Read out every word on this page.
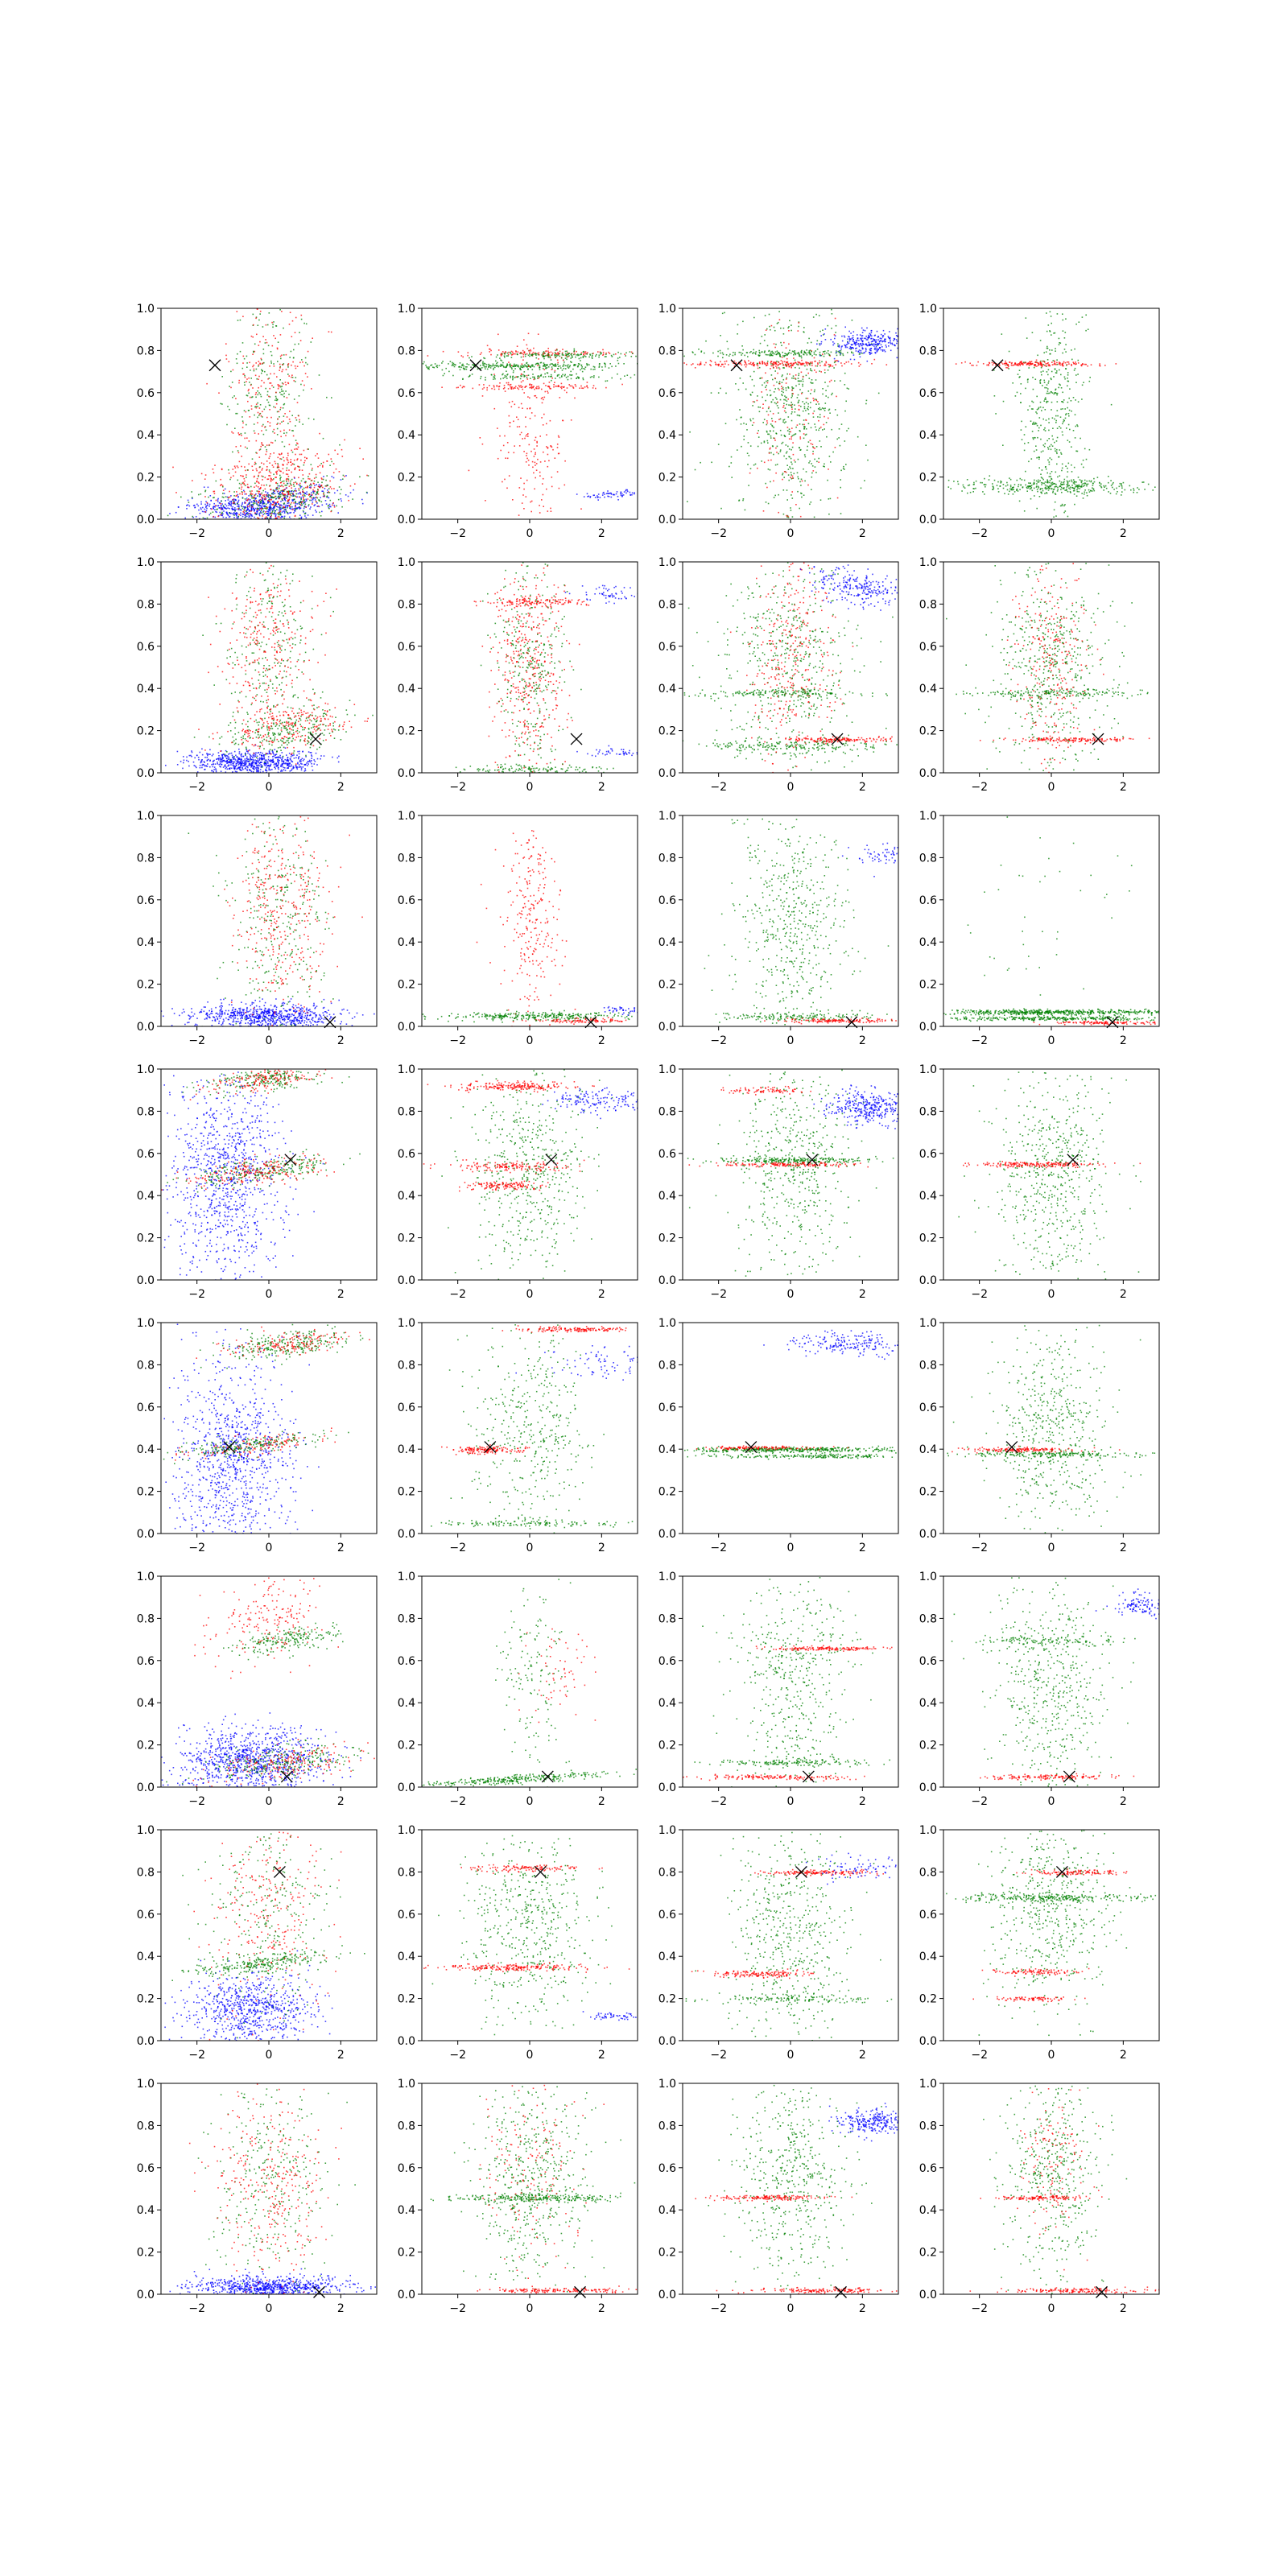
−2	0	2
0.0
0.2
0.4
0.6
0.8
1.0
−2	0	2
0.0
0.2
0.4
0.6
0.8
1.0
−2	0	2
0.0
0.2
0.4
0.6
0.8
1.0
−2	0	2
0.0
0.2
0.4
0.6
0.8
1.0
−2	0	2
0.0
0.2
0.4
0.6
0.8
1.0
−2	0	2
0.0
0.2
0.4
0.6
0.8
1.0
−2	0	2
0.0
0.2
0.4
0.6
0.8
1.0
−2	0	2
0.0
0.2
0.4
0.6
0.8
1.0
−2	0	2
0.0
0.2
0.4
0.6
0.8
1.0
−2	0	2
0.0
0.2
0.4
0.6
0.8
1.0
−2	0	2
0.0
0.2
0.4
0.6
0.8
1.0
−2	0	2
0.0
0.2
0.4
0.6
0.8
1.0
−2	0	2
0.0
0.2
0.4
0.6
0.8
1.0
−2	0	2
0.0
0.2
0.4
0.6
0.8
1.0
−2	0	2
0.0
0.2
0.4
0.6
0.8
1.0
−2	0	2
0.0
0.2
0.4
0.6
0.8
1.0
−2	0	2
0.0
0.2
0.4
0.6
0.8
1.0
−2	0	2
0.0
0.2
0.4
0.6
0.8
1.0
−2	0	2
0.0
0.2
0.4
0.6
0.8
1.0
−2	0	2
0.0
0.2
0.4
0.6
0.8
1.0
−2	0	2
0.0
0.2
0.4
0.6
0.8
1.0
−2	0	2
0.0
0.2
0.4
0.6
0.8
1.0
−2	0	2
0.0
0.2
0.4
0.6
0.8
1.0
−2	0	2
0.0
0.2
0.4
0.6
0.8
1.0
−2	0	2
0.0
0.2
0.4
0.6
0.8
1.0
−2	0	2
0.0
0.2
0.4
0.6
0.8
1.0
−2	0	2
0.0
0.2
0.4
0.6
0.8
1.0
−2	0	2
0.0
0.2
0.4
0.6
0.8
1.0
−2	0	2
0.0
0.2
0.4
0.6
0.8
1.0
−2	0	2
0.0
0.2
0.4
0.6
0.8
1.0
−2	0	2
0.0
0.2
0.4
0.6
0.8
1.0
−2	0	2
0.0
0.2
0.4
0.6
0.8
1.0
